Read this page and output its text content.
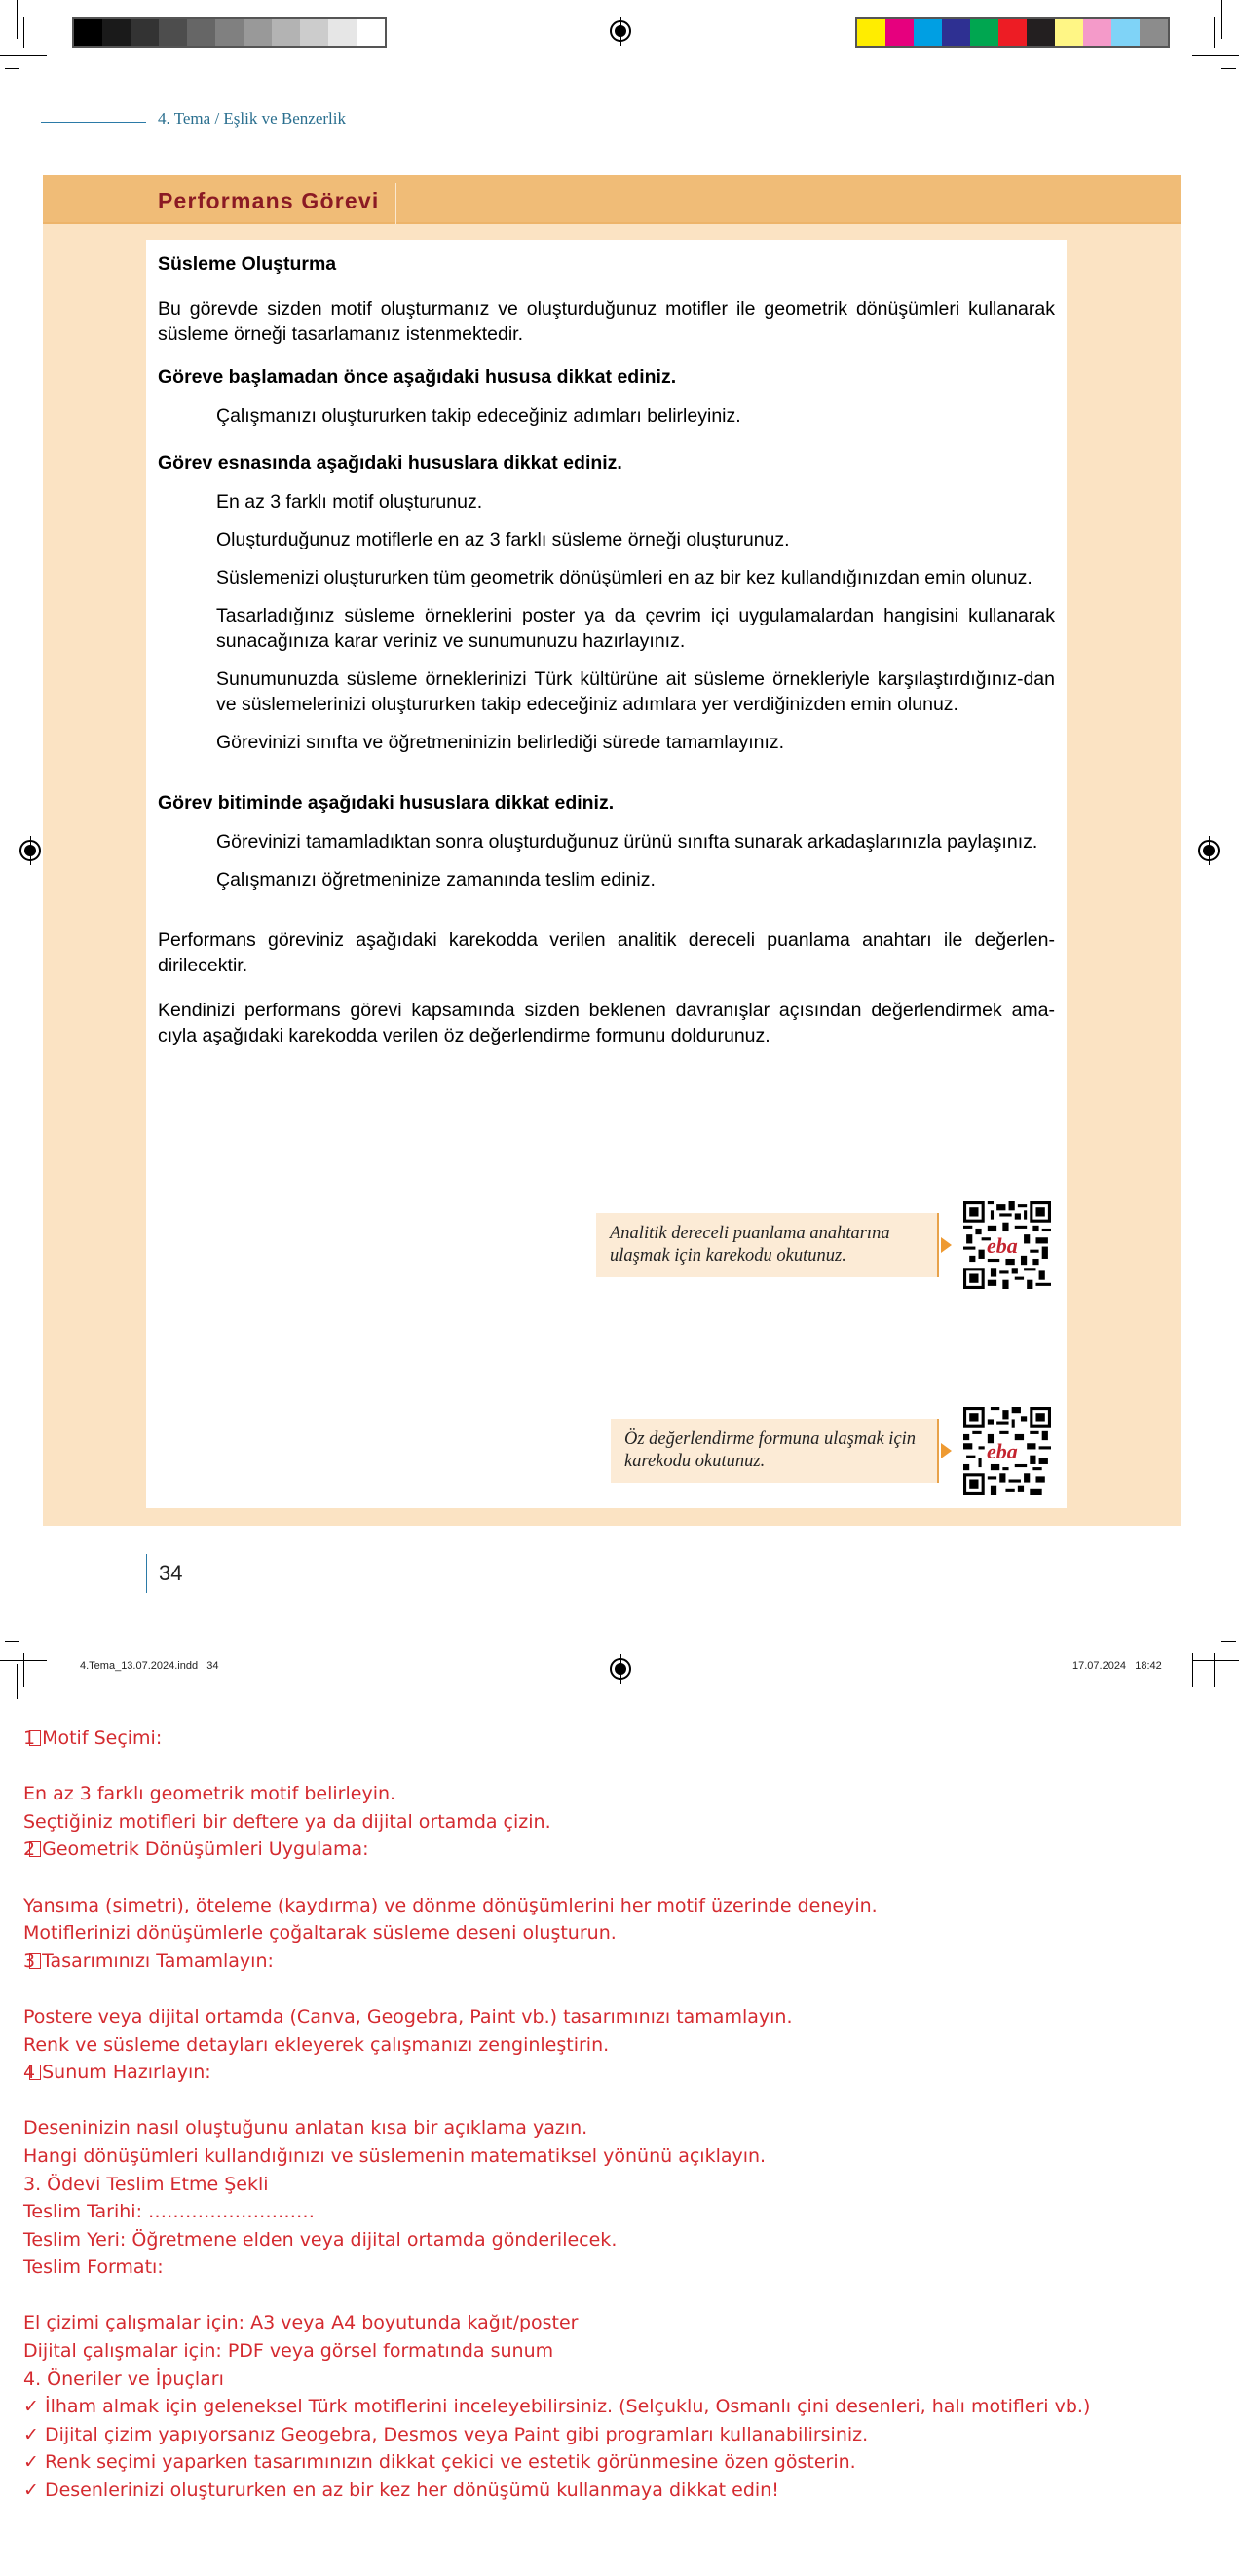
4. Tema / Eşlik ve Benzerlik
Performans Görevi
Süsleme Oluşturma

Bu görevde sizden motif oluşturmanız ve oluşturduğunuz motifler ile geometrik dönüşümleri kullanarak süsleme örneği tasarlamanız istenmektedir.

Göreve başlamadan önce aşağıdaki hususa dikkat ediniz.

Çalışmanızı oluştururken takip edeceğiniz adımları belirleyiniz.

Görev esnasında aşağıdaki hususlara dikkat ediniz.

En az 3 farklı motif oluşturunuz.

Oluşturduğunuz motiflerle en az 3 farklı süsleme örneği oluşturunuz.

Süslemenizi oluştururken tüm geometrik dönüşümleri en az bir kez kullandığınızdan emin olunuz.

Tasarladığınız süsleme örneklerini poster ya da çevrim içi uygulamalardan hangisini kullanarak sunacağınıza karar veriniz ve sunumunuzu hazırlayınız.

Sunumunuzda süsleme örneklerinizi Türk kültürüne ait süsleme örnekleriyle karşılaştırdığınız-dan ve süslemelerinizi oluştururken takip edeceğiniz adımlara yer verdiğinizden emin olunuz.

Görevinizi sınıfta ve öğretmeninizin belirlediği sürede tamamlayınız.

Görev bitiminde aşağıdaki hususlara dikkat ediniz.

Görevinizi tamamladıktan sonra oluşturduğunuz ürünü sınıfta sunarak arkadaşlarınızla paylaşınız.

Çalışmanızı öğretmeninize zamanında teslim ediniz.

Performans göreviniz aşağıdaki karekodda verilen analitik dereceli puanlama anahtarı ile değerlen-dirilecektir.

Kendinizi performans görevi kapsamında sizden beklenen davranışlar açısından değerlendirmek ama-cıyla aşağıdaki karekodda verilen öz değerlendirme formunu doldurunuz.

Analitik dereceli puanlama anahtarına ulaşmak için karekodu okutunuz.	eba
Öz değerlendirme formuna ulaşmak için karekodu okutunuz.	eba
34
4.Tema_13.07.2024.indd   34	17.07.2024   18:42
1 Motif Seçimi:
En az 3 farklı geometrik motif belirleyin.
Seçtiğiniz motifleri bir deftere ya da dijital ortamda çizin.
2 Geometrik Dönüşümleri Uygulama:
Yansıma (simetri), öteleme (kaydırma) ve dönme dönüşümlerini her motif üzerinde deneyin.
Motiflerinizi dönüşümlerle çoğaltarak süsleme deseni oluşturun.
3 Tasarımınızı Tamamlayın:
Postere veya dijital ortamda (Canva, Geogebra, Paint vb.) tasarımınızı tamamlayın.
Renk ve süsleme detayları ekleyerek çalışmanızı zenginleştirin.
4 Sunum Hazırlayın:
Deseninizin nasıl oluştuğunu anlatan kısa bir açıklama yazın.
Hangi dönüşümleri kullandığınızı ve süslemenin matematiksel yönünü açıklayın.
3. Ödevi Teslim Etme Şekli
Teslim Tarihi: ………………………
Teslim Yeri: Öğretmene elden veya dijital ortamda gönderilecek.
Teslim Formatı:
El çizimi çalışmalar için: A3 veya A4 boyutunda kağıt/poster
Dijital çalışmalar için: PDF veya görsel formatında sunum
4. Öneriler ve İpuçları
✓ İlham almak için geleneksel Türk motiflerini inceleyebilirsiniz. (Selçuklu, Osmanlı çini desenleri, halı motifleri vb.)
✓ Dijital çizim yapıyorsanız Geogebra, Desmos veya Paint gibi programları kullanabilirsiniz.
✓ Renk seçimi yaparken tasarımınızın dikkat çekici ve estetik görünmesine özen gösterin.
✓ Desenlerinizi oluştururken en az bir kez her dönüşümü kullanmaya dikkat edin!
